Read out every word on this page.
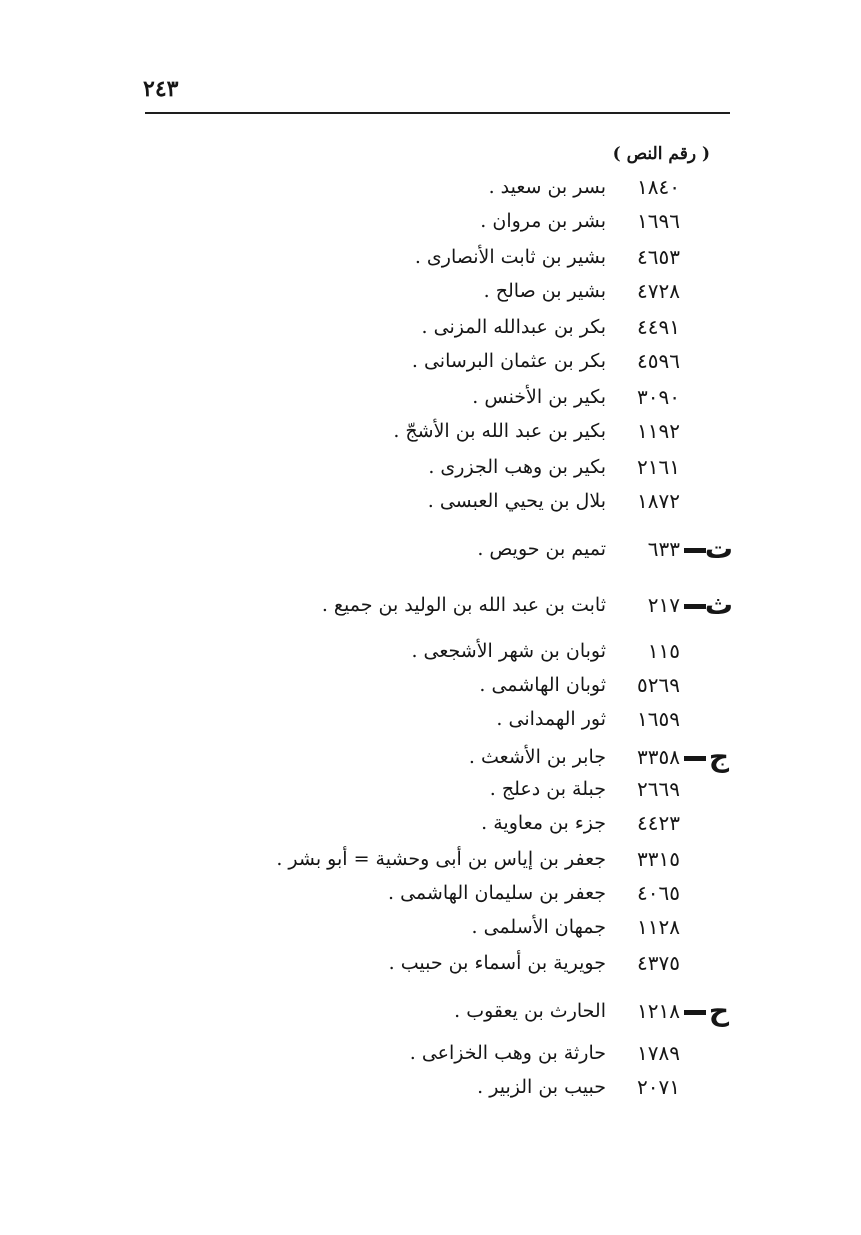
٢٤٣
( رقم النص )
١٨٤٠
بسر بن سعيد .
١٦٩٦
بشر بن مروان .
٤٦٥٣
بشير بن ثابت الأنصارى .
٤٧٢٨
بشير بن صالح .
٤٤٩١
بكر بن عبدالله المزنى .
٤٥٩٦
بكر بن عثمان البرسانى .
٣٠٩٠
بكير بن الأخنس .
١١٩٢
بكير بن عبد الله بن الأشجّ .
٢١٦١
بكير بن وهب الجزرى .
١٨٧٢
بلال بن يحيي العبسى .
ت
٦٣٣
تميم بن حويص .
ث
٢١٧
ثابت بن عبد الله بن الوليد بن جميع .
١١٥
ثوبان بن شهر الأشجعى .
٥٢٦٩
ثوبان الهاشمى .
١٦٥٩
ثور الهمدانى .
ج
٣٣٥٨
جابر بن الأشعث .
٢٦٦٩
جبلة بن دعلج .
٤٤٢٣
جزء بن معاوية .
٣٣١٥
جعفر بن إياس بن أبى وحشية = أبو بشر .
٤٠٦٥
جعفر بن سليمان الهاشمى .
١١٢٨
جمهان الأسلمى .
٤٣٧٥
جويرية بن أسماء بن حبيب .
ح
١٢١٨
الحارث بن يعقوب .
١٧٨٩
حارثة بن وهب الخزاعى .
٢٠٧١
حبيب بن الزبير .
